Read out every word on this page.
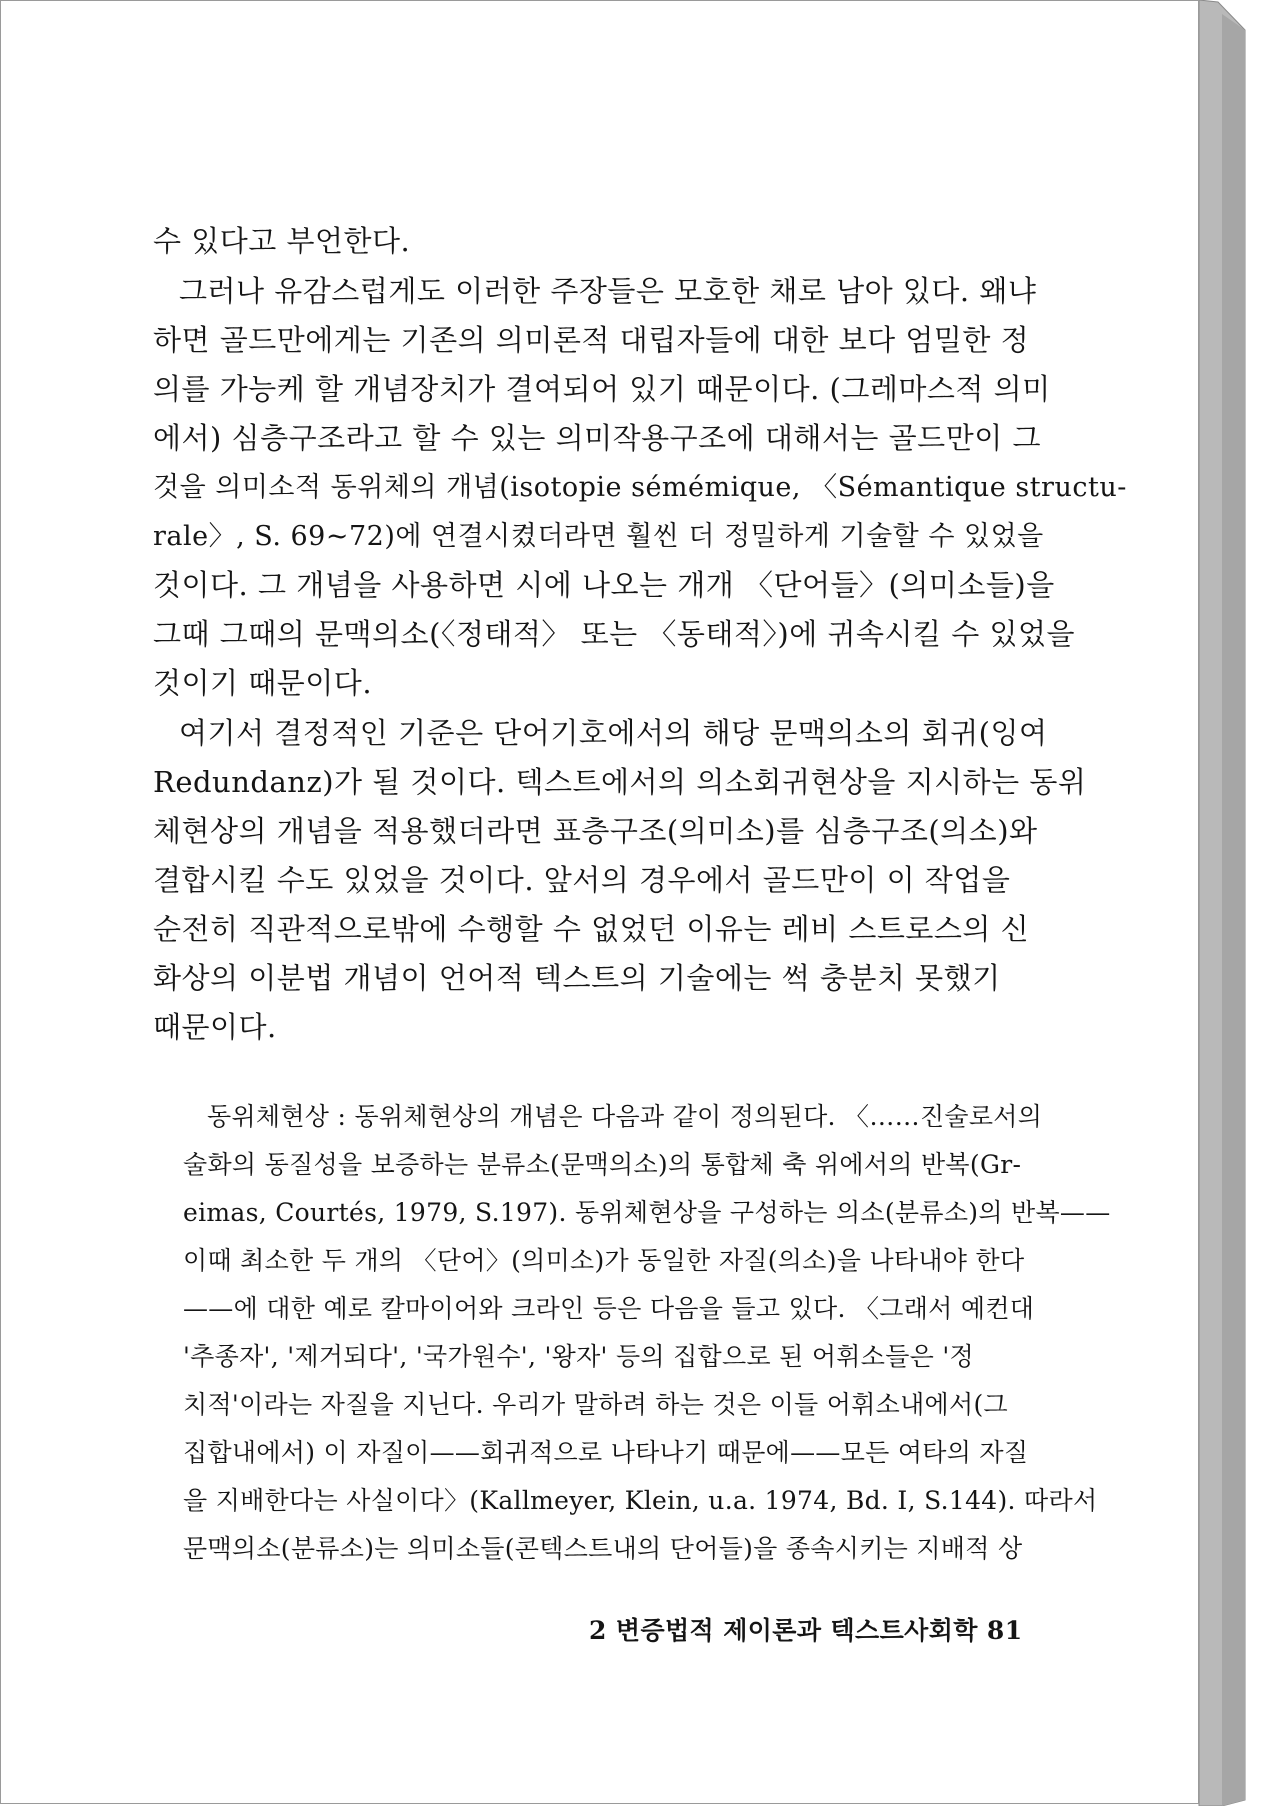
수 있다고 부언한다.
그러나 유감스럽게도 이러한 주장들은 모호한 채로 남아 있다. 왜냐
하면 골드만에게는 기존의 의미론적 대립자들에 대한 보다 엄밀한 정
의를 가능케 할 개념장치가 결여되어 있기 때문이다. (그레마스적 의미
에서) 심층구조라고 할 수 있는 의미작용구조에 대해서는 골드만이 그
것을 의미소적 동위체의 개념(isotopie sémémique, 〈Sémantique structu-
rale〉, S. 69~72)에 연결시켰더라면 훨씬 더 정밀하게 기술할 수 있었을
것이다. 그 개념을 사용하면 시에 나오는 개개 〈단어들〉(의미소들)을
그때 그때의 문맥의소(〈정태적〉 또는 〈동태적〉)에 귀속시킬 수 있었을
것이기 때문이다.
여기서 결정적인 기준은 단어기호에서의 해당 문맥의소의 회귀(잉여
Redundanz)가 될 것이다. 텍스트에서의 의소회귀현상을 지시하는 동위
체현상의 개념을 적용했더라면 표층구조(의미소)를 심층구조(의소)와
결합시킬 수도 있었을 것이다. 앞서의 경우에서 골드만이 이 작업을
순전히 직관적으로밖에 수행할 수 없었던 이유는 레비 스트로스의 신
화상의 이분법 개념이 언어적 텍스트의 기술에는 썩 충분치 못했기
때문이다.
동위체현상 : 동위체현상의 개념은 다음과 같이 정의된다. 〈……진술로서의
술화의 동질성을 보증하는 분류소(문맥의소)의 통합체 축 위에서의 반복(Gr-
eimas, Courtés, 1979, S.197). 동위체현상을 구성하는 의소(분류소)의 반복——
이때 최소한 두 개의 〈단어〉(의미소)가 동일한 자질(의소)을 나타내야 한다
——에 대한 예로 칼마이어와 크라인 등은 다음을 들고 있다. 〈그래서 예컨대
'추종자', '제거되다', '국가원수', '왕자' 등의 집합으로 된 어휘소들은 '정
치적'이라는 자질을 지닌다. 우리가 말하려 하는 것은 이들 어휘소내에서(그
집합내에서) 이 자질이——회귀적으로 나타나기 때문에——모든 여타의 자질
을 지배한다는 사실이다〉(Kallmeyer, Klein, u.a. 1974, Bd. I, S.144). 따라서
문맥의소(분류소)는 의미소들(콘텍스트내의 단어들)을 종속시키는 지배적 상
2 변증법적 제이론과 텍스트사회학 81
